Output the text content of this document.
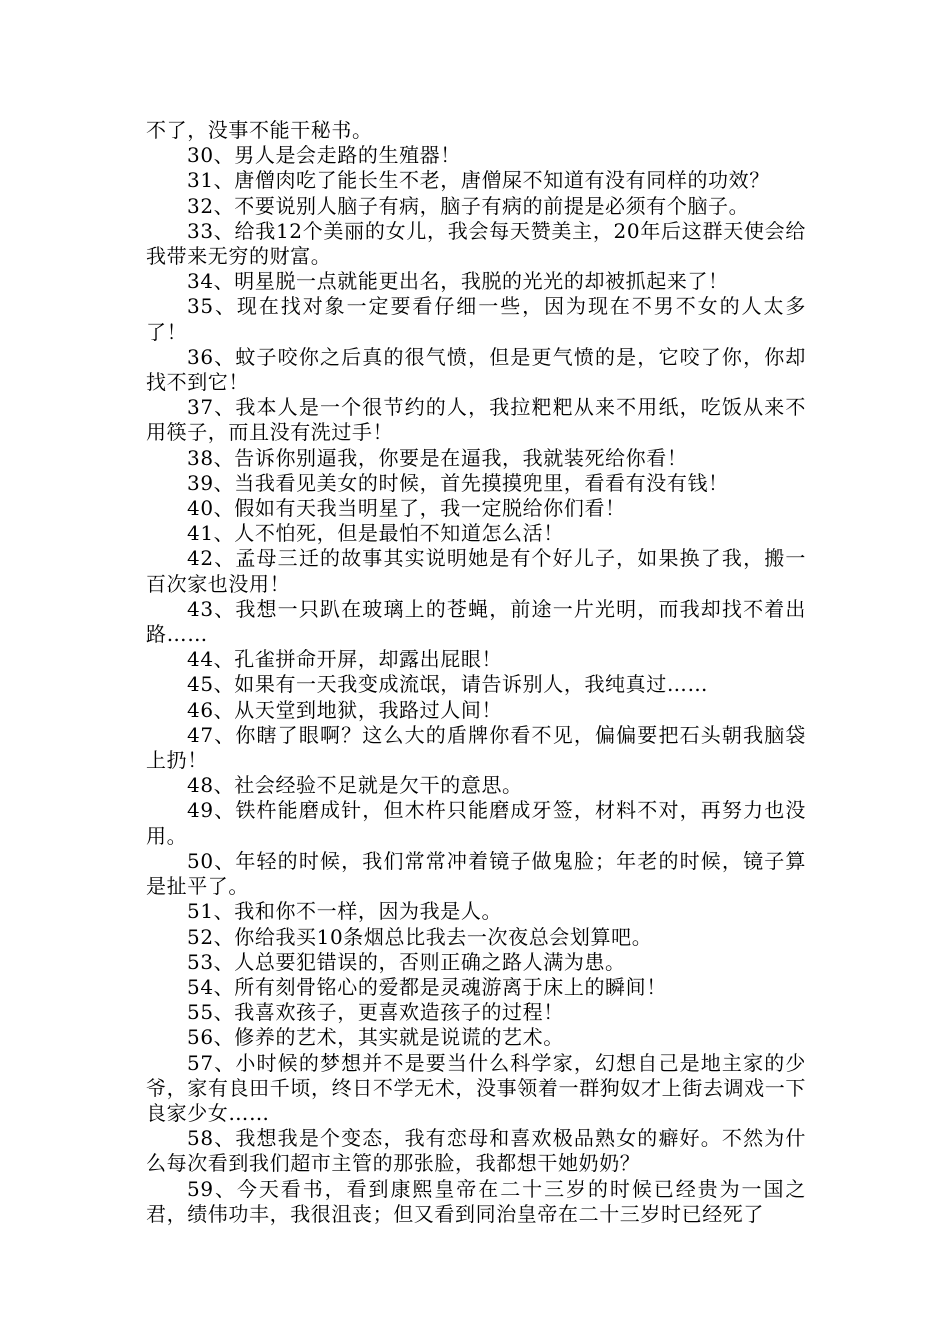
不了，没事不能干秘书。

30、男人是会走路的生殖器！

31、唐僧肉吃了能长生不老，唐僧屎不知道有没有同样的功效？

32、不要说别人脑子有病，脑子有病的前提是必须有个脑子。

33、给我12个美丽的女儿，我会每天赞美主，20年后这群天使会给我带来无穷的财富。

34、明星脱一点就能更出名，我脱的光光的却被抓起来了！

35、现在找对象一定要看仔细一些，因为现在不男不女的人太多了！

36、蚊子咬你之后真的很气愤，但是更气愤的是，它咬了你，你却找不到它！

37、我本人是一个很节约的人，我拉粑粑从来不用纸，吃饭从来不用筷子，而且没有洗过手！

38、告诉你别逼我，你要是在逼我，我就装死给你看！

39、当我看见美女的时候，首先摸摸兜里，看看有没有钱！

40、假如有天我当明星了，我一定脱给你们看！

41、人不怕死，但是最怕不知道怎么活！

42、孟母三迁的故事其实说明她是有个好儿子，如果换了我，搬一百次家也没用！

43、我想一只趴在玻璃上的苍蝇，前途一片光明，而我却找不着出路……

44、孔雀拼命开屏，却露出屁眼！

45、如果有一天我变成流氓，请告诉别人，我纯真过……

46、从天堂到地狱，我路过人间！

47、你瞎了眼啊？这么大的盾牌你看不见，偏偏要把石头朝我脑袋上扔！

48、社会经验不足就是欠干的意思。

49、铁杵能磨成针，但木杵只能磨成牙签，材料不对，再努力也没用。

50、年轻的时候，我们常常冲着镜子做鬼脸；年老的时候，镜子算是扯平了。

51、我和你不一样，因为我是人。

52、你给我买10条烟总比我去一次夜总会划算吧。

53、人总要犯错误的，否则正确之路人满为患。

54、所有刻骨铭心的爱都是灵魂游离于床上的瞬间！

55、我喜欢孩子，更喜欢造孩子的过程！

56、修养的艺术，其实就是说谎的艺术。

57、小时候的梦想并不是要当什么科学家，幻想自己是地主家的少爷，家有良田千顷，终日不学无术，没事领着一群狗奴才上街去调戏一下良家少女……

58、我想我是个变态，我有恋母和喜欢极品熟女的癖好。不然为什么每次看到我们超市主管的那张脸，我都想干她奶奶？

59、今天看书，看到康熙皇帝在二十三岁的时候已经贵为一国之君，绩伟功丰，我很沮丧；但又看到同治皇帝在二十三岁时已经死了
